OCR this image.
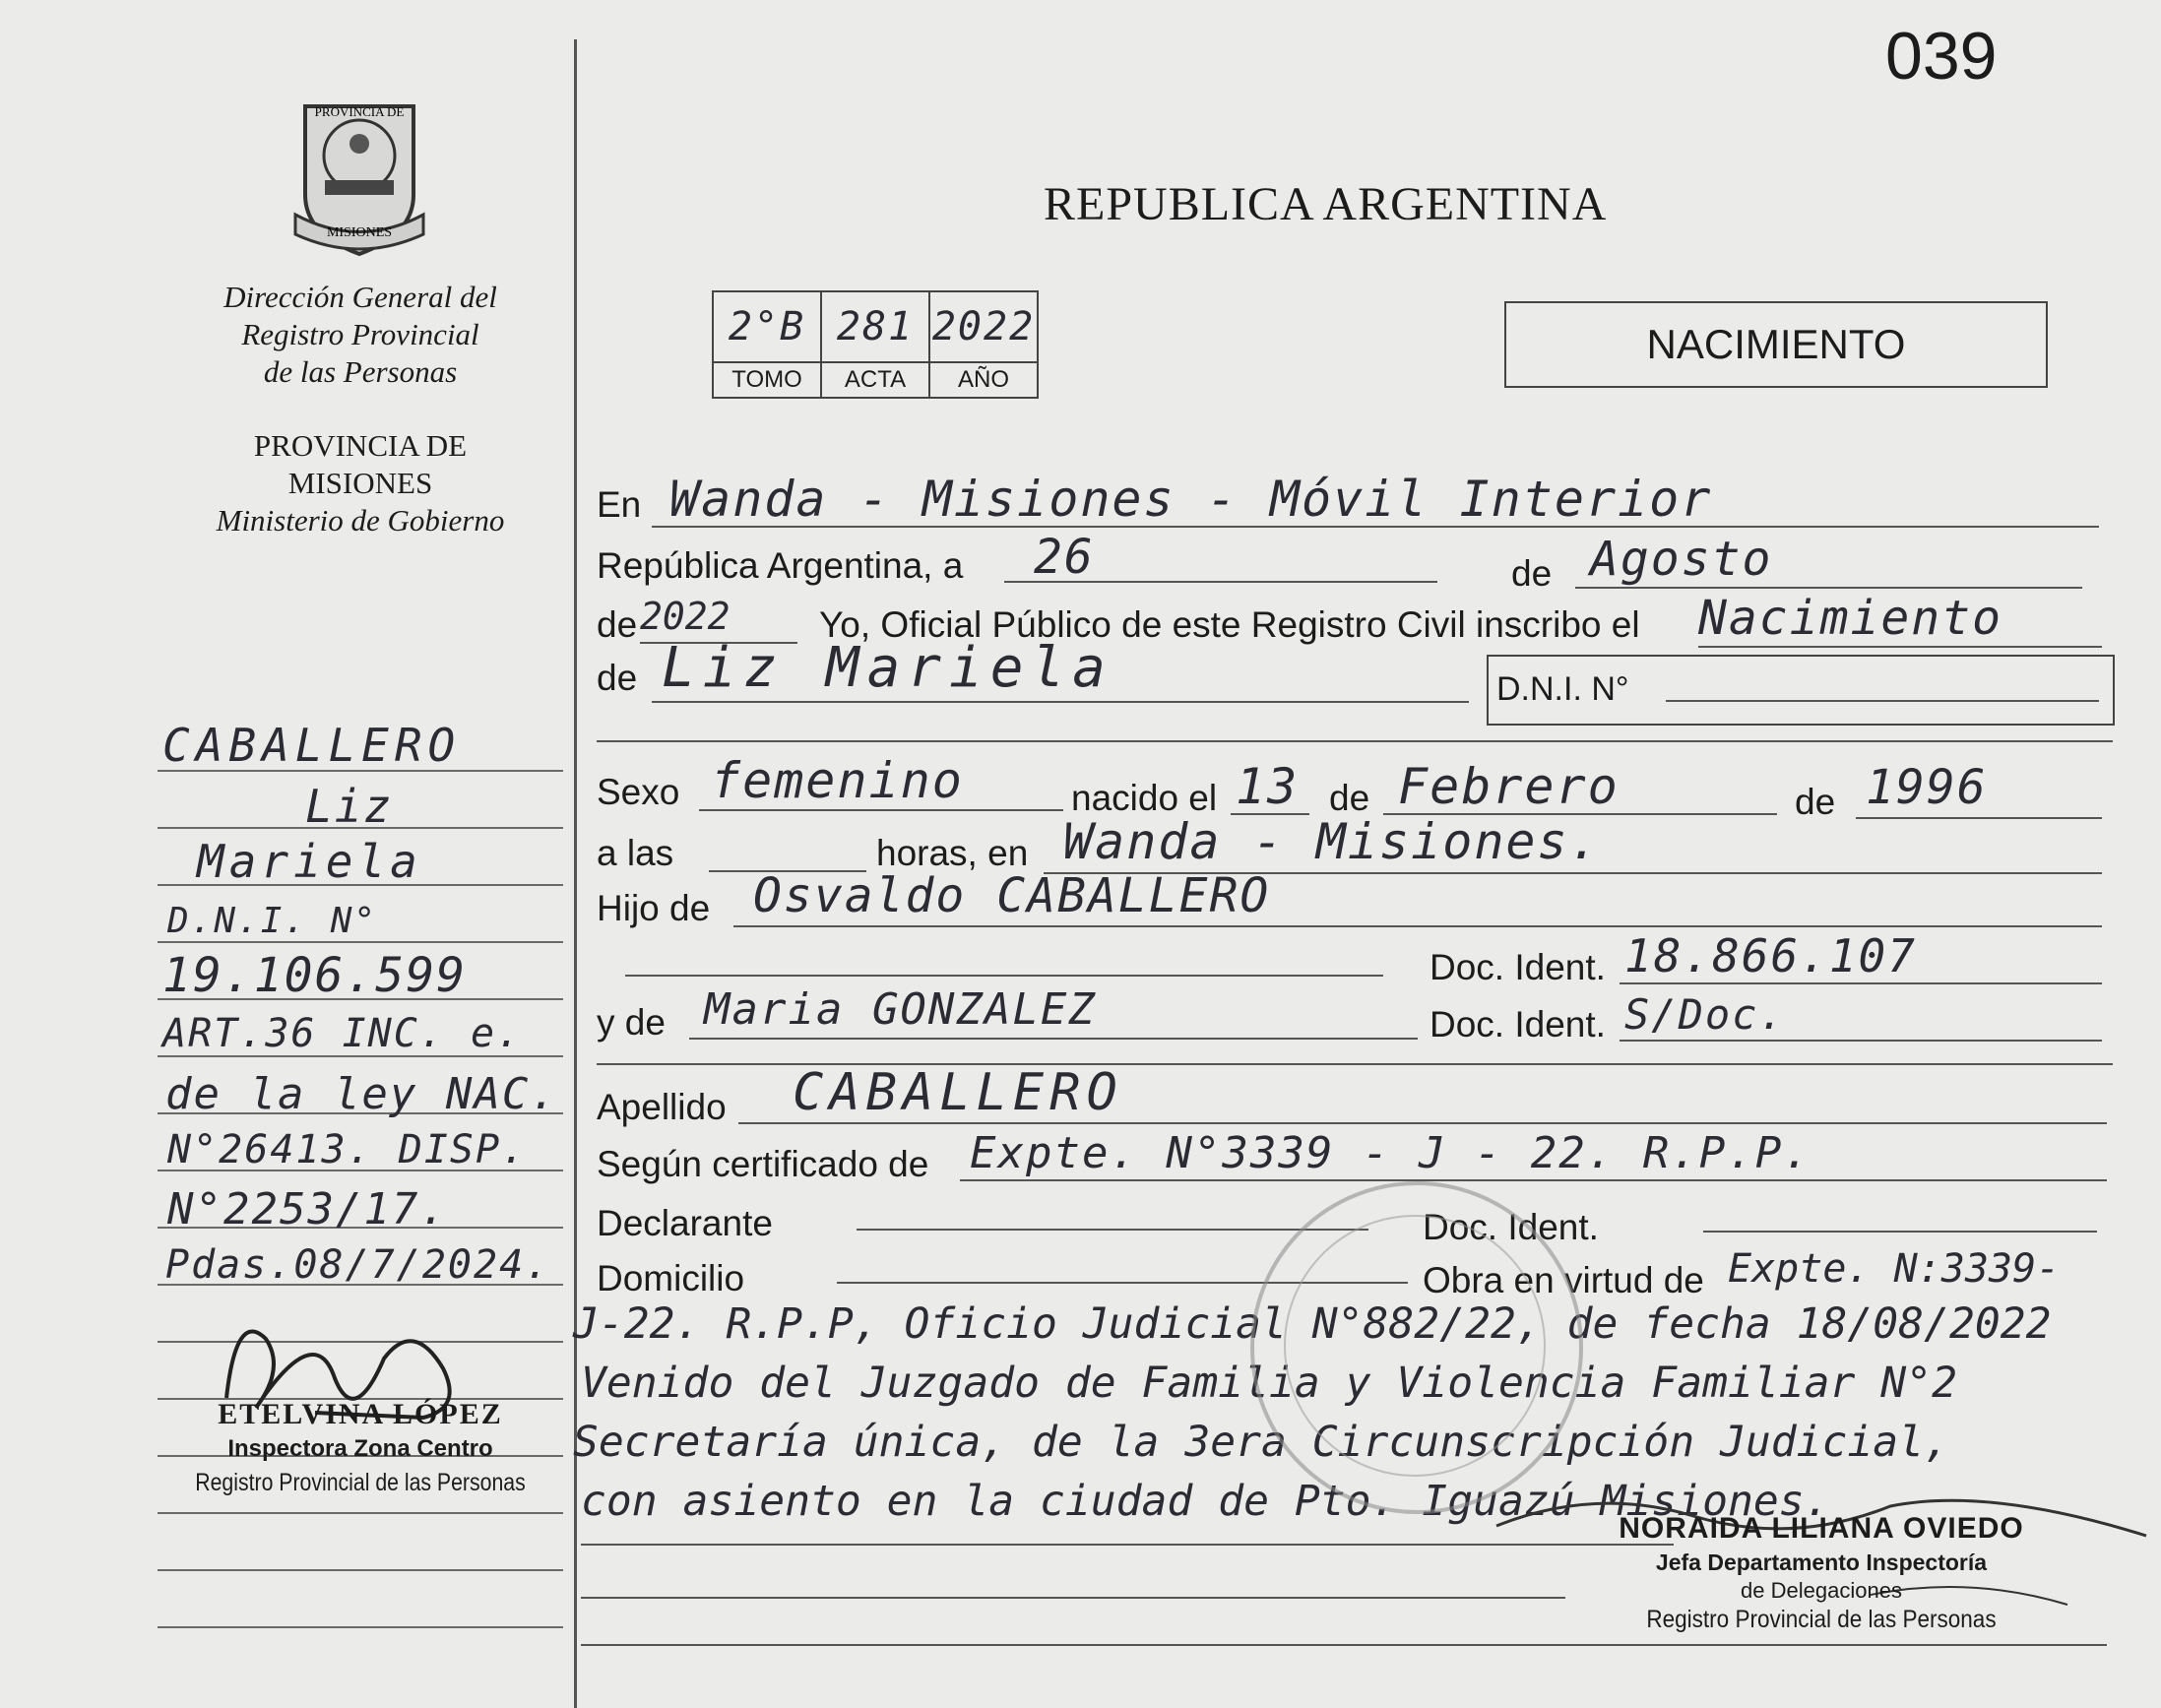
039
PROVINCIA DE
MISIONES
Dirección General del
Registro Provincial
de las Personas
PROVINCIA DE
MISIONES
Ministerio de Gobierno
CABALLERO
Liz
Mariela
D.N.I. N°
19.106.599
ART.36 INC. e.
de la ley NAC.
N°26413. DISP.
N°2253/17.
Pdas.08/7/2024.
ETELVINA LÓPEZ
Inspectora Zona Centro
Registro Provincial de las Personas
REPUBLICA ARGENTINA
2°B	281	2022
TOMO	ACTA	AÑO
NACIMIENTO
En Wanda - Misiones - Móvil Interior
República Argentina, a 26	de Agosto
de 2022 Yo, Oficial Público de este Registro Civil inscribo el Nacimiento
de Liz Mariela	D.N.I. N°
Sexo femenino	nacido el 13 de Febrero	de 1996
a las	horas, en Wanda - Misiones.
Hijo de Osvaldo CABALLERO
Doc. Ident. 18.866.107
y de Maria GONZALEZ	Doc. Ident. S/Doc.
Apellido CABALLERO
Según certificado de Expte. N°3339 - J - 22. R.P.P.
Declarante	Doc. Ident.
Domicilio	Obra en virtud de Expte. N:3339-
J-22. R.P.P, Oficio Judicial N°882/22, de fecha 18/08/2022
Venido del Juzgado de Familia y Violencia Familiar N°2
Secretaría única, de la 3era Circunscripción Judicial,
con asiento en la ciudad de Pto. Iguazú Misiones.
NORAIDA LILIANA OVIEDO
Jefa Departamento Inspectoría
de Delegaciones
Registro Provincial de las Personas
